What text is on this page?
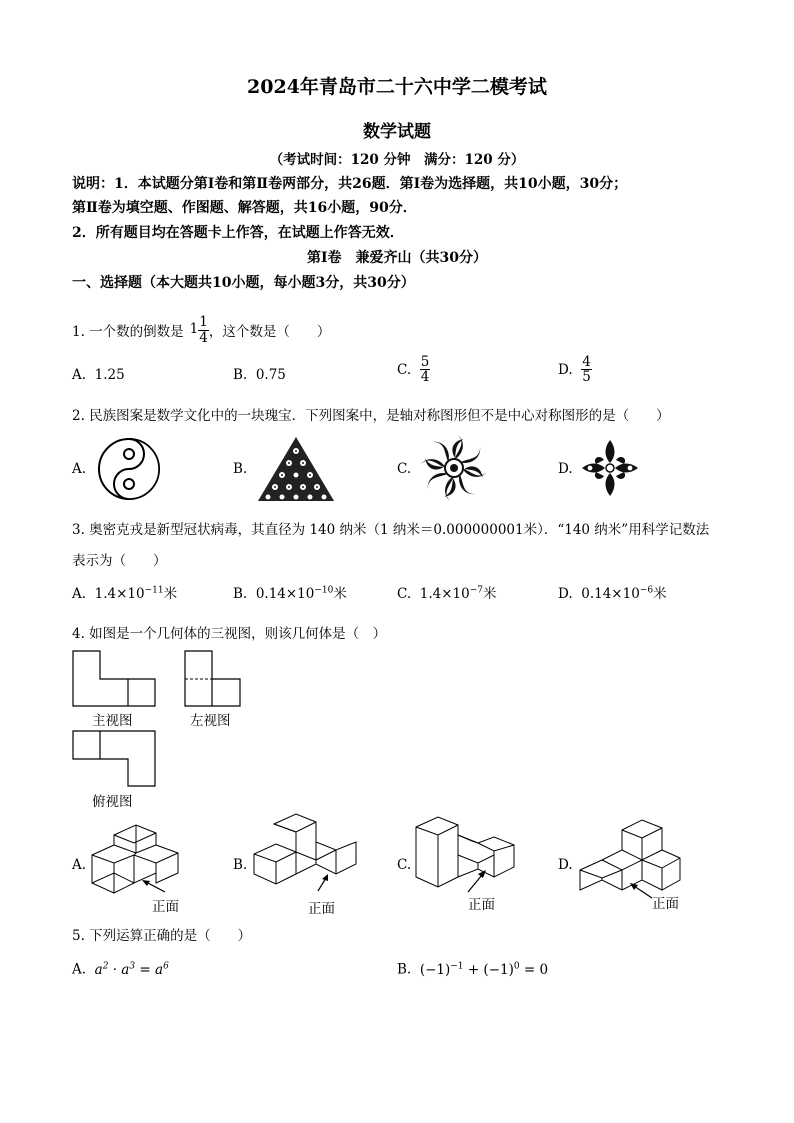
2024年青岛市二十六中学二模考试
数学试题
（考试时间：120 分钟　满分：120 分）
说明：1．本试题分第Ⅰ卷和第Ⅱ卷两部分，共26题．第Ⅰ卷为选择题，共10小题，30分；
第Ⅱ卷为填空题、作图题、解答题，共16小题，90分．
2．所有题目均在答题卡上作答，在试题上作答无效．
第Ⅰ卷　兼爱齐山（共30分）
一、选择题（本大题共10小题，每小题3分，共30分）
1. 一个数的倒数是 $1 \frac{1}{4}$ ，这个数是（　　）
A. 1.25	B. 0.75	C.
$\frac{5}{4}$	D.
$\frac{4}{5}$
2. 民族图案是数学文化中的一块瑰宝．下列图案中，是轴对称图形但不是中心对称图形的是（　　）
A.	B.	C.	D.
3. 奥密克戎是新型冠状病毒，其直径为 140 纳米（1 纳米＝0.000000001米）．“140 纳米”用科学记数法
表示为（　　）
A. $1.4\times 10^{-11}$米	B. $0.14\times 10^{-10}$米	C. $1.4\times 10^{-7}$米	D. $0.14\times 10^{-6}$米
4. 如图是一个几何体的三视图，则该几何体是（　）
主视图	左视图
俯视图
A.
正面
B.
正面
C.
正面
D.
正面
5. 下列运算正确的是（　　）
A. $a^2 \cdot a^3 = a^6$	B. $(-1)^{-1} + (-1)^0 = 0$
